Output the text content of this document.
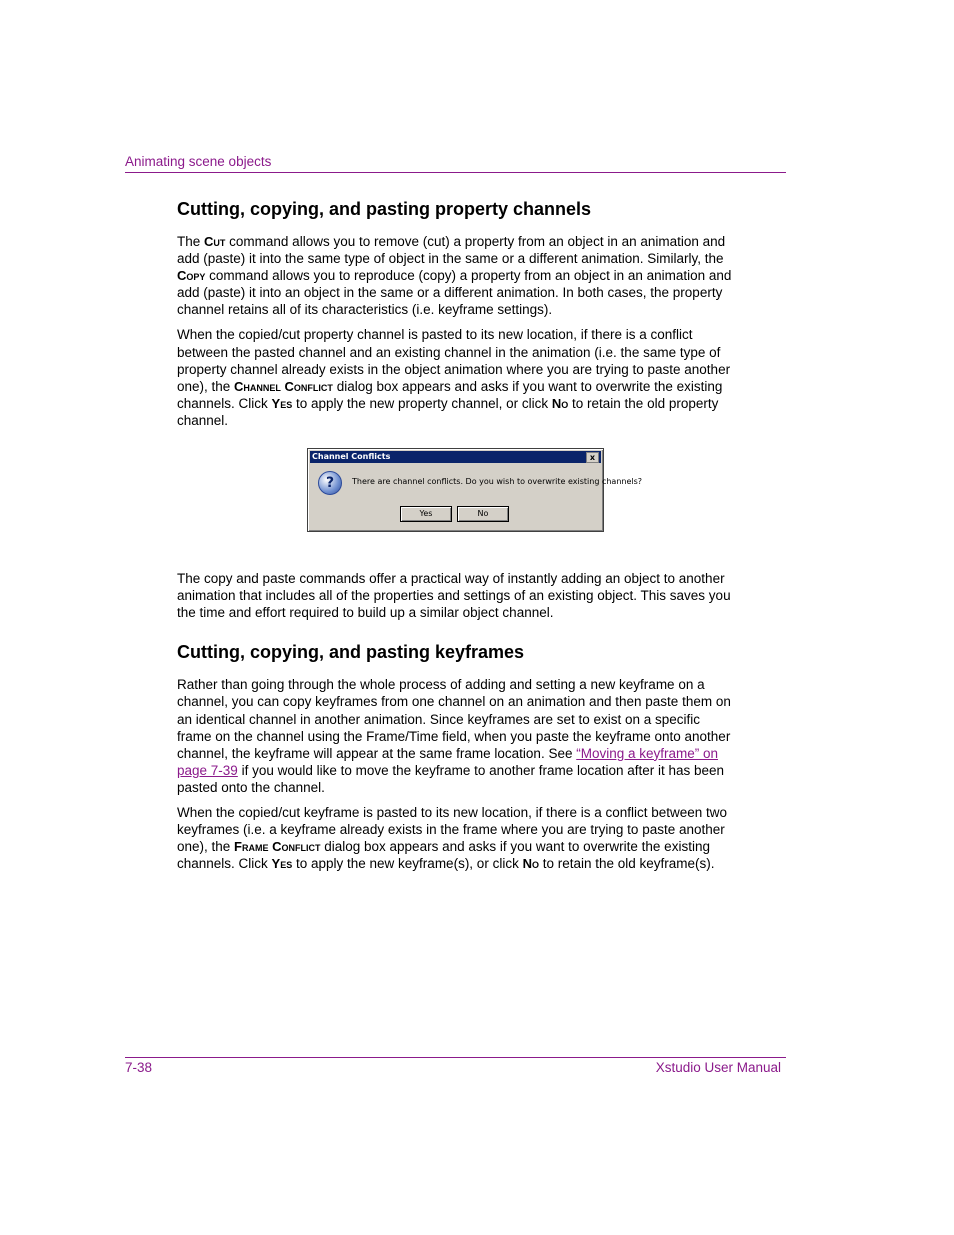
Animating scene objects
Cutting, copying, and pasting property channels

The Cut command allows you to remove (cut) a property from an object in an animation and add (paste) it into the same type of object in the same or a different animation. Similarly, the Copy command allows you to reproduce (copy) a property from an object in an animation and add (paste) it into an object in the same or a different animation. In both cases, the property channel retains all of its characteristics (i.e. keyframe settings).

When the copied/cut property channel is pasted to its new location, if there is a conflict between the pasted channel and an existing channel in the animation (i.e. the same type of property channel already exists in the object animation where you are trying to paste another one), the Channel Conflict dialog box appears and asks if you want to overwrite the existing channels. Click Yes to apply the new property channel, or click No to retain the old property channel.

Channel Conflicts	x
?	There are channel conflicts. Do you wish to overwrite existing channels?
Yes	No

The copy and paste commands offer a practical way of instantly adding an object to another animation that includes all of the properties and settings of an existing object. This saves you the time and effort required to build up a similar object channel.

Cutting, copying, and pasting keyframes

Rather than going through the whole process of adding and setting a new keyframe on a channel, you can copy keyframes from one channel on an animation and then paste them on an identical channel in another animation. Since keyframes are set to exist on a specific frame on the channel using the Frame/Time field, when you paste the keyframe onto another channel, the keyframe will appear at the same frame location. See “Moving a keyframe” on page 7-39 if you would like to move the keyframe to another frame location after it has been pasted onto the channel.

When the copied/cut keyframe is pasted to its new location, if there is a conflict between two keyframes (i.e. a keyframe already exists in the frame where you are trying to paste another one), the Frame Conflict dialog box appears and asks if you want to overwrite the existing channels. Click Yes to apply the new keyframe(s), or click No to retain the old keyframe(s).

7-38	Xstudio User Manual
